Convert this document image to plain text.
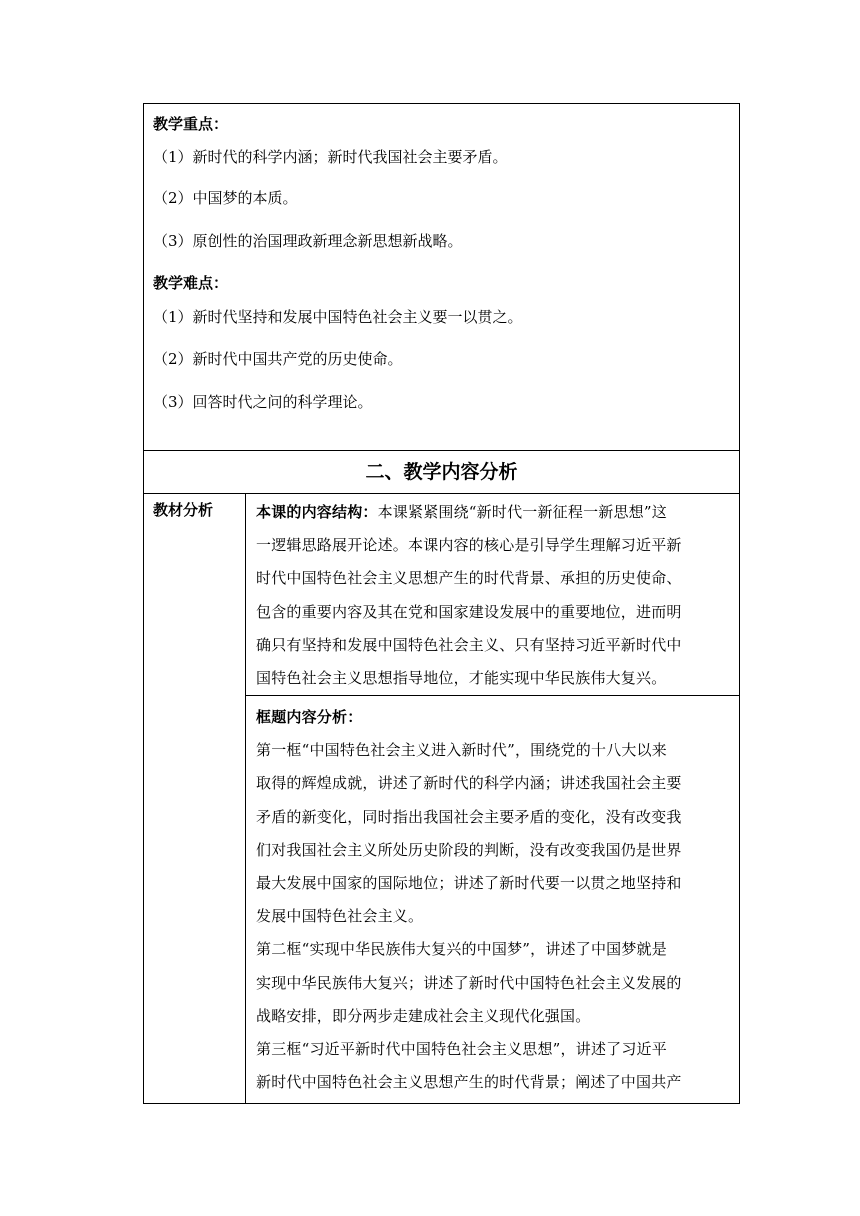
教学重点：
（1）新时代的科学内涵；新时代我国社会主要矛盾。
（2）中国梦的本质。
（3）原创性的治国理政新理念新思想新战略。
教学难点：
（1）新时代坚持和发展中国特色社会主义要一以贯之。
（2）新时代中国共产党的历史使命。
（3）回答时代之问的科学理论。
二、教学内容分析
教材分析	本课的内容结构：本课紧紧围绕“新时代一新征程一新思想”这

一逻辑思路展开论述。本课内容的核心是引导学生理解习近平新

时代中国特色社会主义思想产生的时代背景、承担的历史使命、

包含的重要内容及其在党和国家建设发展中的重要地位，进而明

确只有坚持和发展中国特色社会主义、只有坚持习近平新时代中

国特色社会主义思想指导地位，才能实现中华民族伟大复兴。

框题内容分析：

第一框“中国特色社会主义进入新时代”，围绕党的十八大以来

取得的辉煌成就，讲述了新时代的科学内涵；讲述我国社会主要

矛盾的新变化，同时指出我国社会主要矛盾的变化，没有改变我

们对我国社会主义所处历史阶段的判断，没有改变我国仍是世界

最大发展中国家的国际地位；讲述了新时代要一以贯之地坚持和

发展中国特色社会主义。

第二框“实现中华民族伟大复兴的中国梦”，讲述了中国梦就是

实现中华民族伟大复兴；讲述了新时代中国特色社会主义发展的

战略安排，即分两步走建成社会主义现代化强国。

第三框“习近平新时代中国特色社会主义思想”，讲述了习近平

新时代中国特色社会主义思想产生的时代背景；阐述了中国共产
